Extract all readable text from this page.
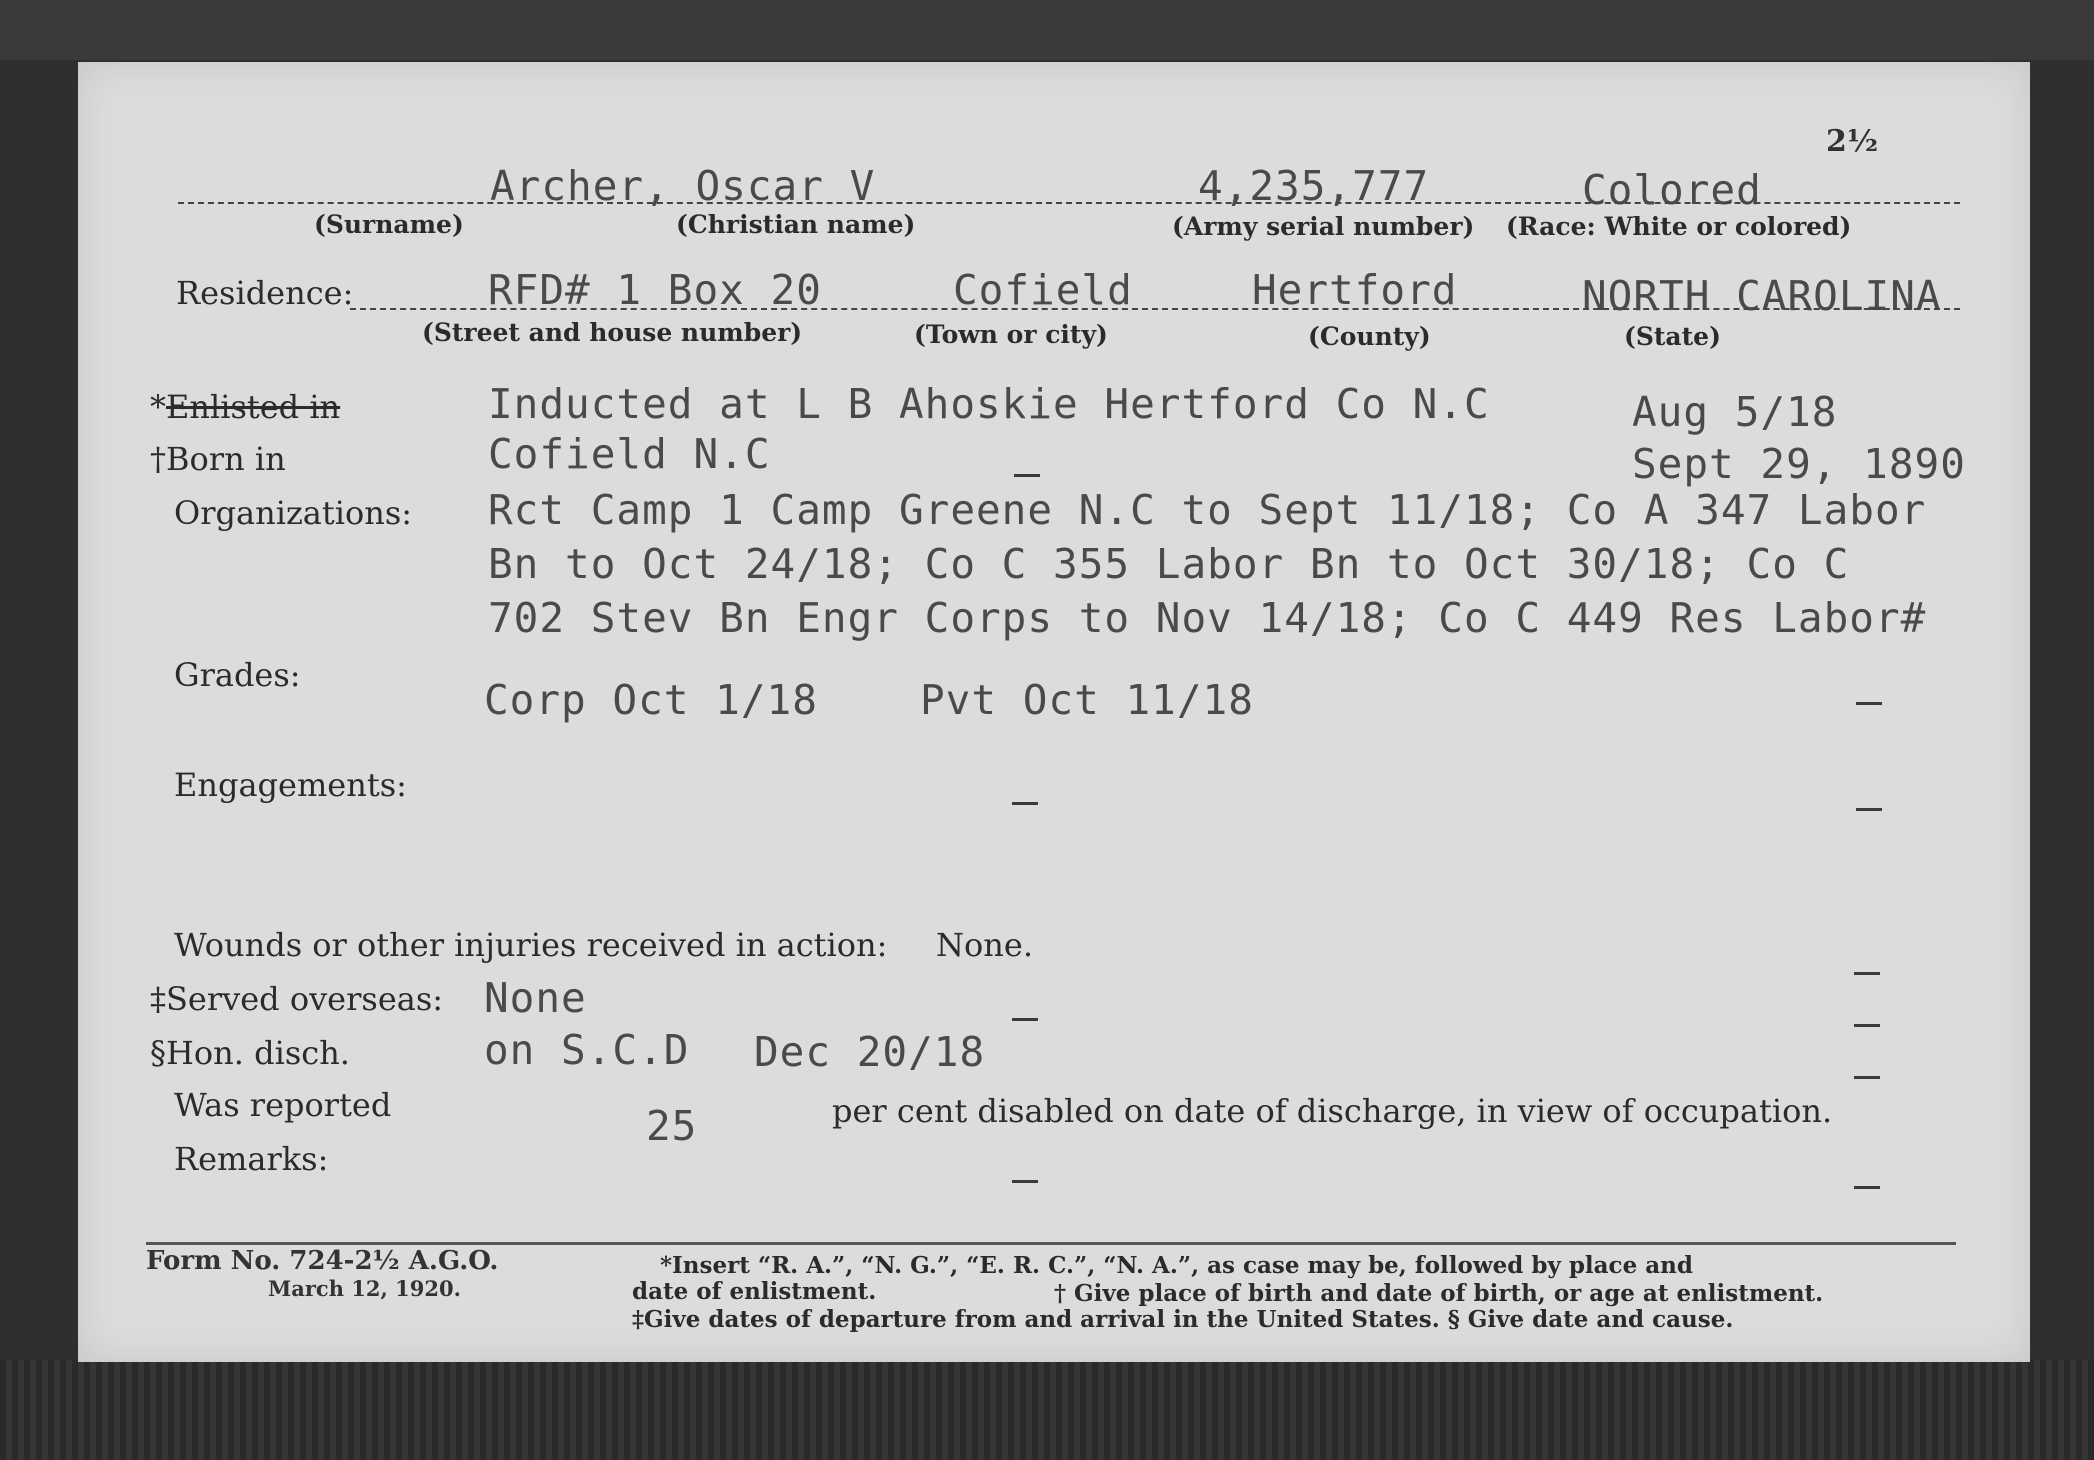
2½
Archer, Oscar V	4,235,777	Colored
(Surname)	(Christian name)	(Army serial number) (Race: White or colored)
Residence:	RFD# 1 Box 20	Cofield	Hertford	NORTH CAROLINA
(Street and house number)	(Town or city)	(County)	(State)
*Enlisted in	Inducted at L B Ahoskie Hertford Co N.C	Aug 5/18
†Born in	Cofield N.C	Sept 29, 1890
Organizations: Rct Camp 1 Camp Greene N.C to Sept 11/18; Co A 347 Labor
Bn to Oct 24/18; Co C 355 Labor Bn to Oct 30/18; Co C
702 Stev Bn Engr Corps to Nov 14/18; Co C 449 Res Labor#
Grades:
Corp Oct 1/18 Pvt Oct 11/18
Engagements:
Wounds or other injuries received in action: None.
‡Served overseas: None
§Hon. disch.	on S.C.D Dec 20/18
Was reported	25	per cent disabled on date of discharge, in view of occupation.
Remarks:
Form No. 724-2½ A.G.O.
March 12, 1920.
*Insert “R. A.”, “N. G.”, “E. R. C.”, “N. A.”, as case may be, followed by place and
date of enlistment.	† Give place of birth and date of birth, or age at enlistment.
‡Give dates of departure from and arrival in the United States. § Give date and cause.
